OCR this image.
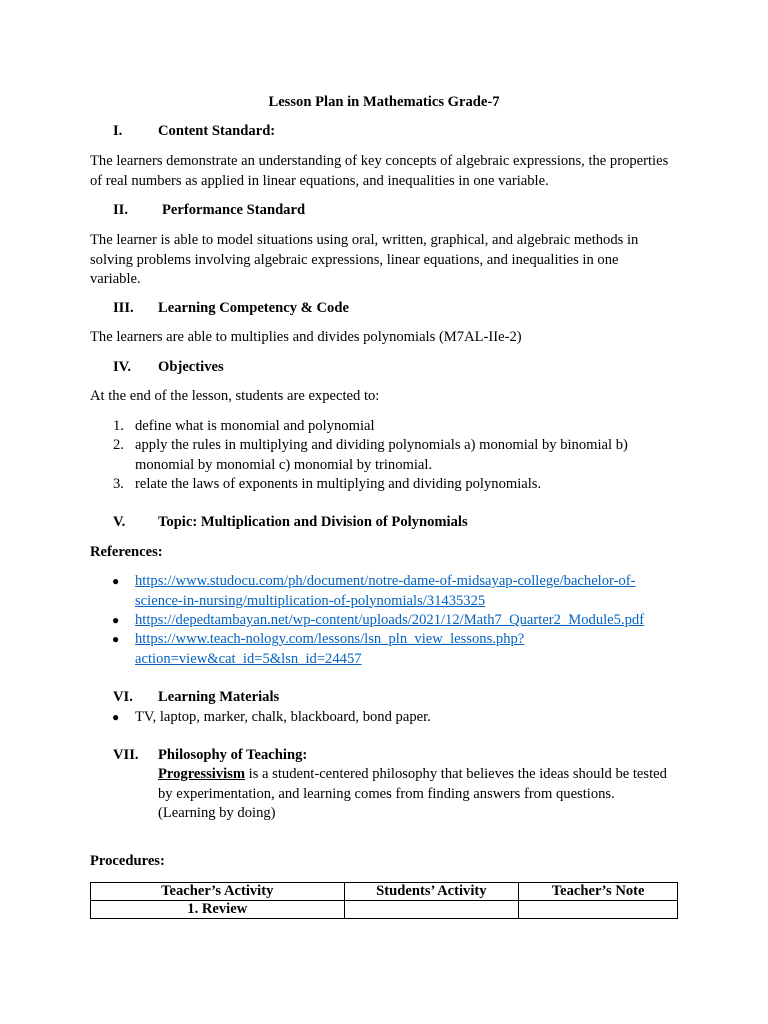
Lesson Plan in Mathematics Grade-7
I. Content Standard:
The learners demonstrate an understanding of key concepts of algebraic expressions, the properties of real numbers as applied in linear equations, and inequalities in one variable.
II. Performance Standard
The learner is able to model situations using oral, written, graphical, and algebraic methods in solving problems involving algebraic expressions, linear equations, and inequalities in one variable.
III. Learning Competency & Code
The learners are able to multiplies and divides polynomials (M7AL-IIe-2)
IV. Objectives
At the end of the lesson, students are expected to:
1. define what is monomial and polynomial
2. apply the rules in multiplying and dividing polynomials a) monomial by binomial b) monomial by monomial c) monomial by trinomial.
3. relate the laws of exponents in multiplying and dividing polynomials.
V. Topic: Multiplication and Division of Polynomials
References:
● https://www.studocu.com/ph/document/notre-dame-of-midsayap-college/bachelor-of-science-in-nursing/multiplication-of-polynomials/31435325
● https://depedtambayan.net/wp-content/uploads/2021/12/Math7_Quarter2_Module5.pdf
● https://www.teach-nology.com/lessons/lsn_pln_view_lessons.php?action=view&cat_id=5&lsn_id=24457
VI. Learning Materials
● TV, laptop, marker, chalk, blackboard, bond paper.
VII. Philosophy of Teaching:
Progressivism is a student-centered philosophy that believes the ideas should be tested by experimentation, and learning comes from finding answers from questions. (Learning by doing)
Procedures:
Teacher’s Activity	Students’ Activity	Teacher’s Note
1. Review		
